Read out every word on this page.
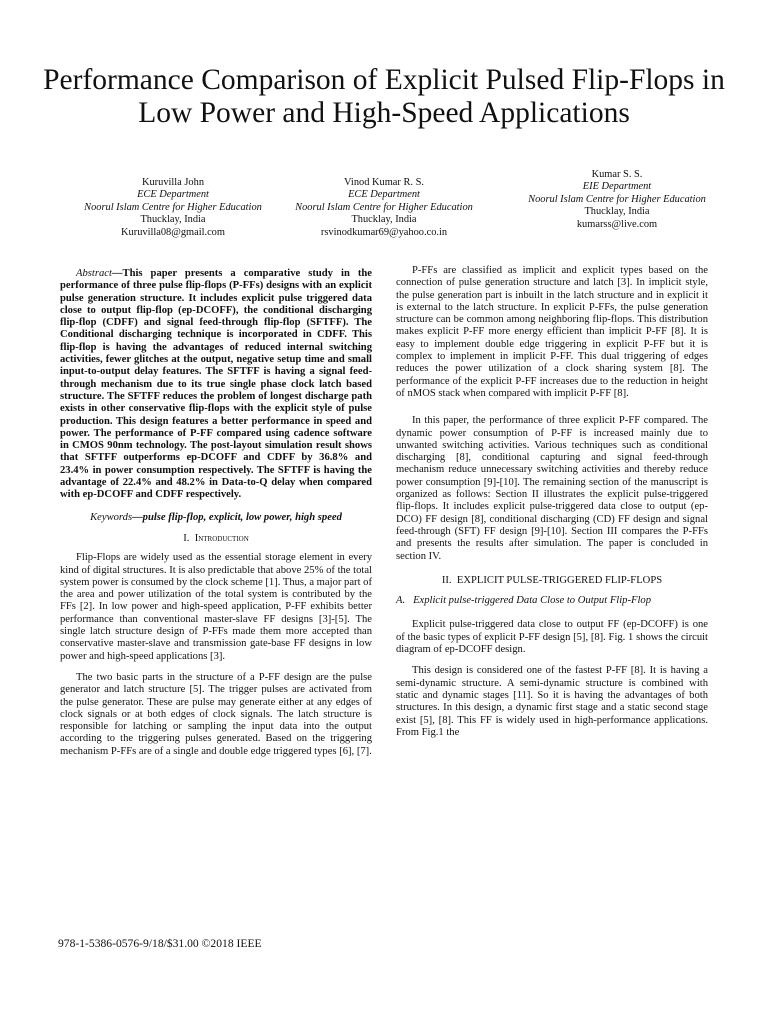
Performance Comparison of Explicit Pulsed Flip-Flops in Low Power and High-Speed Applications
Kuruvilla John
ECE Department
Noorul Islam Centre for Higher Education
Thucklay, India
Kuruvilla08@gmail.com
Vinod Kumar R. S.
ECE Department
Noorul Islam Centre for Higher Education
Thucklay, India
rsvinodkumar69@yahoo.co.in
Kumar S. S.
EIE Department
Noorul Islam Centre for Higher Education
Thucklay, India
kumarss@live.com

Abstract—This paper presents a comparative study in the performance of three pulse flip-flops (P-FFs) designs with an explicit pulse generation structure. It includes explicit pulse triggered data close to output flip-flop (ep-DCOFF), the conditional discharging flip-flop (CDFF) and signal feed-through flip-flop (SFTFF). The Conditional discharging technique is incorporated in CDFF. This flip-flop is having the advantages of reduced internal switching activities, fewer glitches at the output, negative setup time and small input-to-output delay features. The SFTFF is having a signal feed-through mechanism due to its true single phase clock latch based structure. The SFTFF reduces the problem of longest discharge path exists in other conservative flip-flops with the explicit style of pulse production. This design features a better performance in speed and power. The performance of P-FF compared using cadence software in CMOS 90nm technology. The post-layout simulation result shows that SFTFF outperforms ep-DCOFF and CDFF by 36.8% and 23.4% in power consumption respectively. The SFTFF is having the advantage of 22.4% and 48.2% in Data-to-Q delay when compared with ep-DCOFF and CDFF respectively.

Keywords—pulse flip-flop, explicit, low power, high speed

I. Introduction

Flip-Flops are widely used as the essential storage element in every kind of digital structures. It is also predictable that above 25% of the total system power is consumed by the clock scheme [1]. Thus, a major part of the area and power utilization of the total system is contributed by the FFs [2]. In low power and high-speed application, P-FF exhibits better performance than conventional master-slave FF designs [3]-[5]. The single latch structure design of P-FFs made them more accepted than conservative master-slave and transmission gate-base FF designs in low power and high-speed applications [3].

The two basic parts in the structure of a P-FF design are the pulse generator and latch structure [5]. The trigger pulses are activated from the pulse generator. These are pulse may generate either at any edges of clock signals or at both edges of clock signals. The latch structure is responsible for latching or sampling the input data into the output according to the triggering pulses generated. Based on the triggering mechanism P-FFs are of a single and double edge triggered types [6], [7].

P-FFs are classified as implicit and explicit types based on the connection of pulse generation structure and latch [3]. In implicit style, the pulse generation part is inbuilt in the latch structure and in explicit it is external to the latch structure. In explicit P-FFs, the pulse generation structure can be common among neighboring flip-flops. This distribution makes explicit P-FF more energy efficient than implicit P-FF [8]. It is easy to implement double edge triggering in explicit P-FF but it is complex to implement in implicit P-FF. This dual triggering of edges reduces the power utilization of a clock sharing system [8]. The performance of the explicit P-FF increases due to the reduction in height of nMOS stack when compared with implicit P-FF [8].

In this paper, the performance of three explicit P-FF compared. The dynamic power consumption of P-FF is increased mainly due to unwanted switching activities. Various techniques such as conditional discharging [8], conditional capturing and signal feed-through mechanism reduce unnecessary switching activities and thereby reduce power consumption [9]-[10]. The remaining section of the manuscript is organized as follows: Section II illustrates the explicit pulse-triggered flip-flops. It includes explicit pulse-triggered data close to output (ep-DCO) FF design [8], conditional discharging (CD) FF design and signal feed-through (SFT) FF design [9]-[10]. Section III compares the P-FFs and presents the results after simulation. The paper is concluded in section IV.

II. EXPLICIT PULSE-TRIGGERED FLIP-FLOPS

A. Explicit pulse-triggered Data Close to Output Flip-Flop

Explicit pulse-triggered data close to output FF (ep-DCOFF) is one of the basic types of explicit P-FF design [5], [8]. Fig. 1 shows the circuit diagram of ep-DCOFF design.

This design is considered one of the fastest P-FF [8]. It is having a semi-dynamic structure. A semi-dynamic structure is combined with static and dynamic stages [11]. So it is having the advantages of both structures. In this design, a dynamic first stage and a static second stage exist [5], [8]. This FF is widely used in high-performance applications. From Fig.1 the

978-1-5386-0576-9/18/$31.00 ©2018 IEEE
